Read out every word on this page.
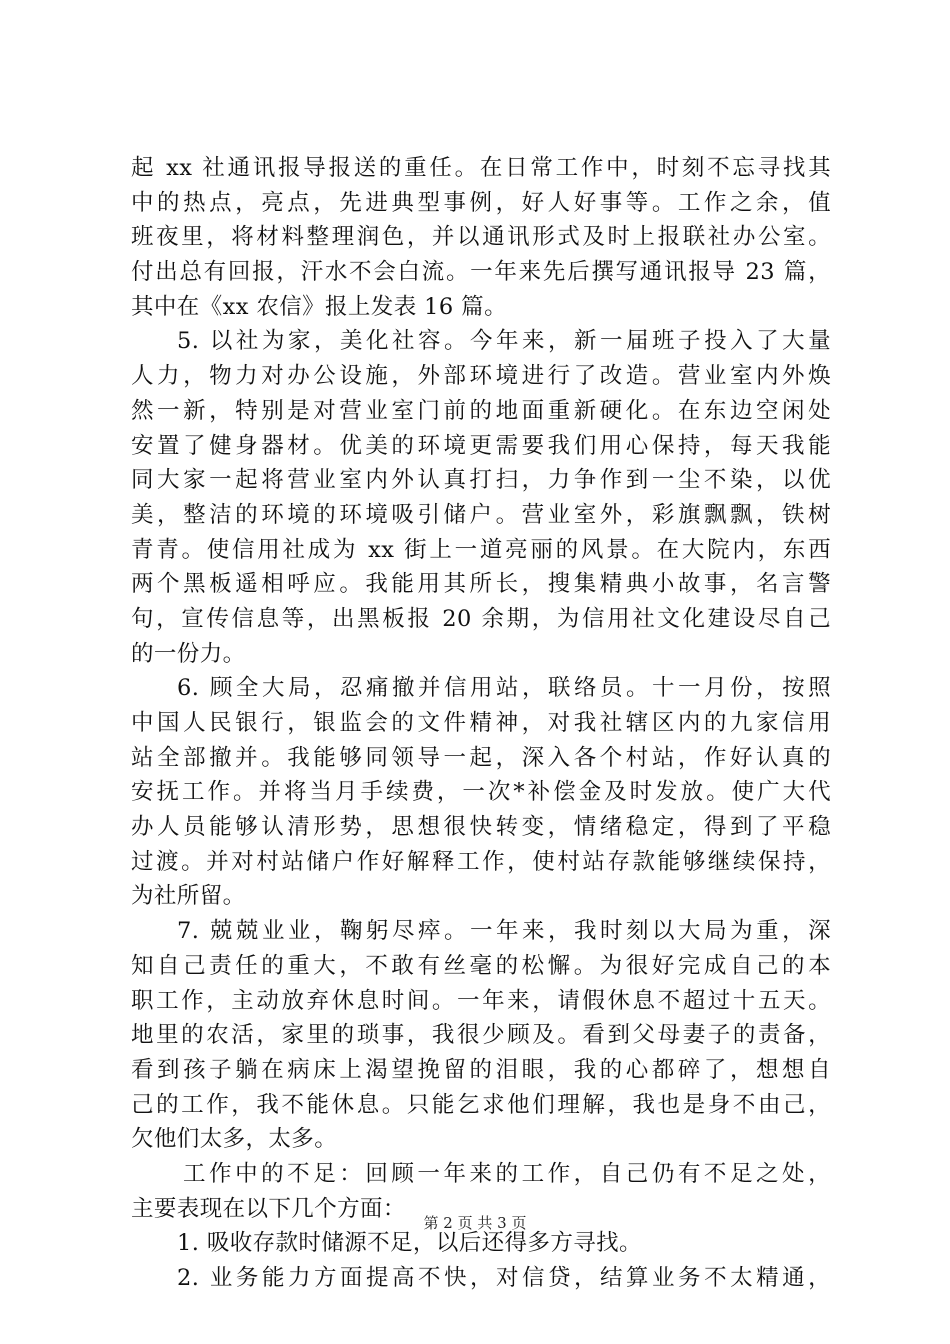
起 xx 社通讯报导报送的重任。在日常工作中，时刻不忘寻找其
中的热点，亮点，先进典型事例，好人好事等。工作之余，值
班夜里，将材料整理润色，并以通讯形式及时上报联社办公室。
付出总有回报，汗水不会白流。一年来先后撰写通讯报导 23 篇，
其中在《xx 农信》报上发表 16 篇。
5. 以社为家，美化社容。今年来，新一届班子投入了大量
人力，物力对办公设施，外部环境进行了改造。营业室内外焕
然一新，特别是对营业室门前的地面重新硬化。在东边空闲处
安置了健身器材。优美的环境更需要我们用心保持，每天我能
同大家一起将营业室内外认真打扫，力争作到一尘不染，以优
美，整洁的环境的环境吸引储户。营业室外，彩旗飘飘，铁树
青青。使信用社成为 xx 街上一道亮丽的风景。在大院内，东西
两个黑板遥相呼应。我能用其所长，搜集精典小故事，名言警
句，宣传信息等，出黑板报 20 余期，为信用社文化建设尽自己
的一份力。
6. 顾全大局，忍痛撤并信用站，联络员。十一月份，按照
中国人民银行，银监会的文件精神，对我社辖区内的九家信用
站全部撤并。我能够同领导一起，深入各个村站，作好认真的
安抚工作。并将当月手续费，一次*补偿金及时发放。使广大代
办人员能够认清形势，思想很快转变，情绪稳定，得到了平稳
过渡。并对村站储户作好解释工作，使村站存款能够继续保持，
为社所留。
7. 兢兢业业，鞠躬尽瘁。一年来，我时刻以大局为重，深
知自己责任的重大，不敢有丝毫的松懈。为很好完成自己的本
职工作，主动放弃休息时间。一年来，请假休息不超过十五天。
地里的农活，家里的琐事，我很少顾及。看到父母妻子的责备，
看到孩子躺在病床上渴望挽留的泪眼，我的心都碎了，想想自
己的工作，我不能休息。只能乞求他们理解，我也是身不由己，
欠他们太多，太多。
工作中的不足：回顾一年来的工作，自己仍有不足之处，
主要表现在以下几个方面：
1. 吸收存款时储源不足，以后还得多方寻找。
2. 业务能力方面提高不快，对信贷，结算业务不太精通，
第 2 页 共 3 页
